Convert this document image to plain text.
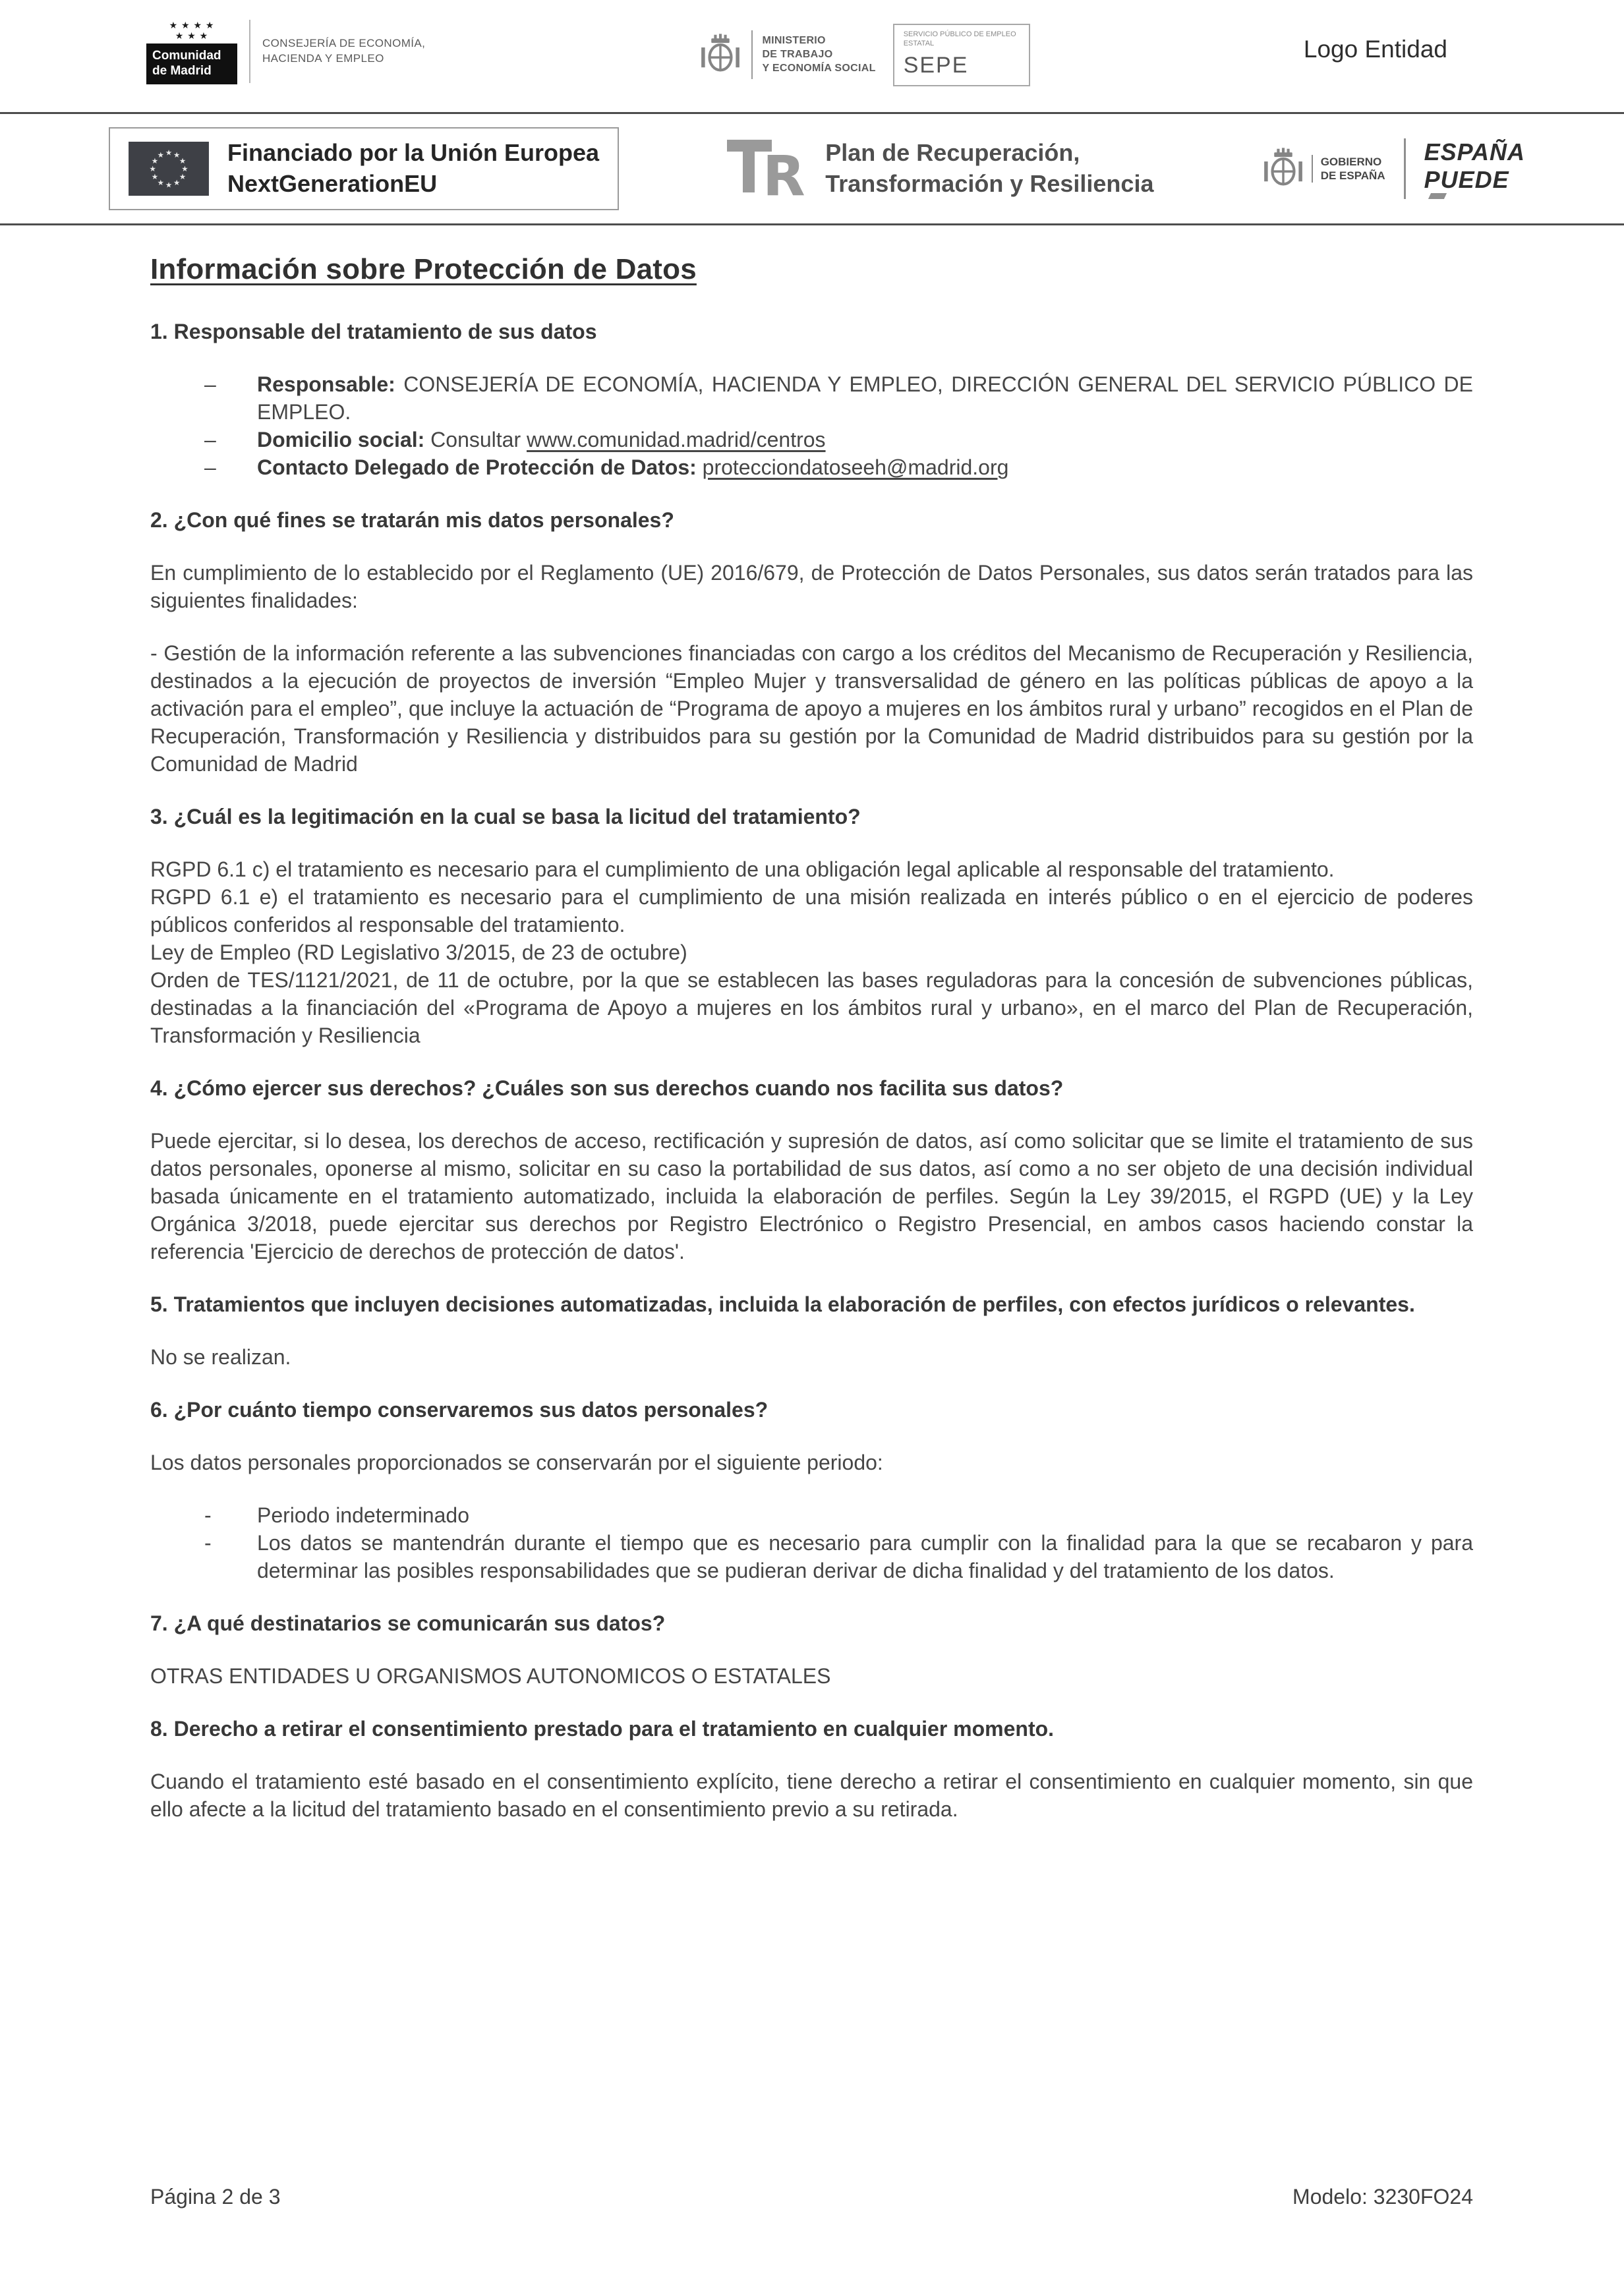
★ ★ ★ ★
★ ★ ★
Comunidad
de Madrid
CONSEJERÍA DE ECONOMÍA,
HACIENDA Y EMPLEO
MINISTERIO
DE TRABAJO
Y ECONOMÍA SOCIAL
SERVICIO PÚBLICO DE EMPLEO ESTATAL
SEPE
Logo Entidad
★ ★
★
★
★
★
★
★
★
★
★
★	Financiado por la Unión Europea
NextGenerationEU	R Plan de Recuperación,
Transformación y Resiliencia
GOBIERNO
DE ESPAÑA
ESPAÑA
PUEDE
Información sobre Protección de Datos
1. Responsable del tratamiento de sus datos
–	Responsable: CONSEJERÍA DE ECONOMÍA, HACIENDA Y EMPLEO, DIRECCIÓN GENERAL DEL SERVICIO PÚBLICO DE EMPLEO.
–	Domicilio social: Consultar www.comunidad.madrid/centros
–	Contacto Delegado de Protección de Datos: protecciondatoseeh@madrid.org
2. ¿Con qué fines se tratarán mis datos personales?

En cumplimiento de lo establecido por el Reglamento (UE) 2016/679, de Protección de Datos Personales, sus datos serán tratados para las siguientes finalidades:

- Gestión de la información referente a las subvenciones financiadas con cargo a los créditos del Mecanismo de Recuperación y Resiliencia, destinados a la ejecución de proyectos de inversión “Empleo Mujer y transversalidad de género en las políticas públicas de apoyo a la activación para el empleo”, que incluye la actuación de “Programa de apoyo a mujeres en los ámbitos rural y urbano” recogidos en el Plan de Recuperación, Transformación y Resiliencia y distribuidos para su gestión por la Comunidad de Madrid distribuidos para su gestión por la Comunidad de Madrid

3. ¿Cuál es la legitimación en la cual se basa la licitud del tratamiento?

RGPD 6.1 c) el tratamiento es necesario para el cumplimiento de una obligación legal aplicable al responsable del tratamiento.

RGPD 6.1 e) el tratamiento es necesario para el cumplimiento de una misión realizada en interés público o en el ejercicio de poderes públicos conferidos al responsable del tratamiento.

Ley de Empleo (RD Legislativo 3/2015, de 23 de octubre)

Orden de TES/1121/2021, de 11 de octubre, por la que se establecen las bases reguladoras para la concesión de subvenciones públicas, destinadas a la financiación del «Programa de Apoyo a mujeres en los ámbitos rural y urbano», en el marco del Plan de Recuperación, Transformación y Resiliencia

4. ¿Cómo ejercer sus derechos? ¿Cuáles son sus derechos cuando nos facilita sus datos?

Puede ejercitar, si lo desea, los derechos de acceso, rectificación y supresión de datos, así como solicitar que se limite el tratamiento de sus datos personales, oponerse al mismo, solicitar en su caso la portabilidad de sus datos, así como a no ser objeto de una decisión individual basada únicamente en el tratamiento automatizado, incluida la elaboración de perfiles. Según la Ley 39/2015, el RGPD (UE) y la Ley Orgánica 3/2018, puede ejercitar sus derechos por Registro Electrónico o Registro Presencial, en ambos casos haciendo constar la referencia 'Ejercicio de derechos de protección de datos'.

5. Tratamientos que incluyen decisiones automatizadas, incluida la elaboración de perfiles, con efectos jurídicos o relevantes.

No se realizan.

6. ¿Por cuánto tiempo conservaremos sus datos personales?

Los datos personales proporcionados se conservarán por el siguiente periodo:

-	Periodo indeterminado
-	Los datos se mantendrán durante el tiempo que es necesario para cumplir con la finalidad para la que se recabaron y para determinar las posibles responsabilidades que se pudieran derivar de dicha finalidad y del tratamiento de los datos.
7. ¿A qué destinatarios se comunicarán sus datos?

OTRAS ENTIDADES U ORGANISMOS AUTONOMICOS O ESTATALES

8. Derecho a retirar el consentimiento prestado para el tratamiento en cualquier momento.

Cuando el tratamiento esté basado en el consentimiento explícito, tiene derecho a retirar el consentimiento en cualquier momento, sin que ello afecte a la licitud del tratamiento basado en el consentimiento previo a su retirada.

Página 2 de 3	Modelo: 3230FO24
